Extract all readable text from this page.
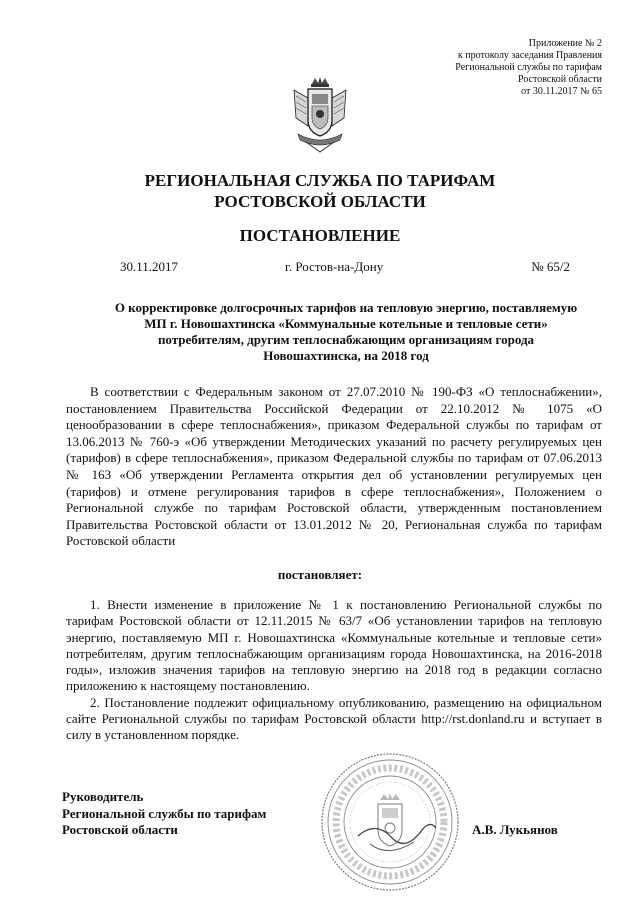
Приложение № 2
к протоколу заседания Правления
Региональной службы по тарифам
Ростовской области
от 30.11.2017 № 65
РЕГИОНАЛЬНАЯ СЛУЖБА ПО ТАРИФАМ
РОСТОВСКОЙ ОБЛАСТИ
ПОСТАНОВЛЕНИЕ
30.11.2017	г. Ростов-на-Дону	№ 65/2
О корректировке долгосрочных тарифов на тепловую энергию, поставляемую
МП г. Новошахтинска «Коммунальные котельные и тепловые сети»
потребителям, другим теплоснабжающим организациям города
Новошахтинска, на 2018 год

В соответствии с Федеральным законом от 27.07.2010 № 190-ФЗ «О теплоснабжении», постановлением Правительства Российской Федерации от 22.10.2012 № 1075 «О ценообразовании в сфере теплоснабжения», приказом Федеральной службы по тарифам от 13.06.2013 № 760-э «Об утверждении Методических указаний по расчету регулируемых цен (тарифов) в сфере теплоснабжения», приказом Федеральной службы по тарифам от 07.06.2013 № 163 «Об утверждении Регламента открытия дел об установлении регулируемых цен (тарифов) и отмене регулирования тарифов в сфере теплоснабжения», Положением о Региональной службе по тарифам Ростовской области, утвержденным постановлением Правительства Ростовской области от 13.01.2012 № 20, Региональная служба по тарифам Ростовской области

постановляет:

1. Внести изменение в приложение № 1 к постановлению Региональной службы по тарифам Ростовской области от 12.11.2015 № 63/7 «Об установлении тарифов на тепловую энергию, поставляемую МП г. Новошахтинска «Коммунальные котельные и тепловые сети» потребителям, другим теплоснабжающим организациям города Новошахтинска, на 2016-2018 годы», изложив значения тарифов на тепловую энергию на 2018 год в редакции согласно приложению к настоящему постановлению.

2. Постановление подлежит официальному опубликованию, размещению на официальном сайте Региональной службы по тарифам Ростовской области http://rst.donland.ru и вступает в силу в установленном порядке.

Руководитель
Региональной службы по тарифам
Ростовской области	А.В. Лукьянов
